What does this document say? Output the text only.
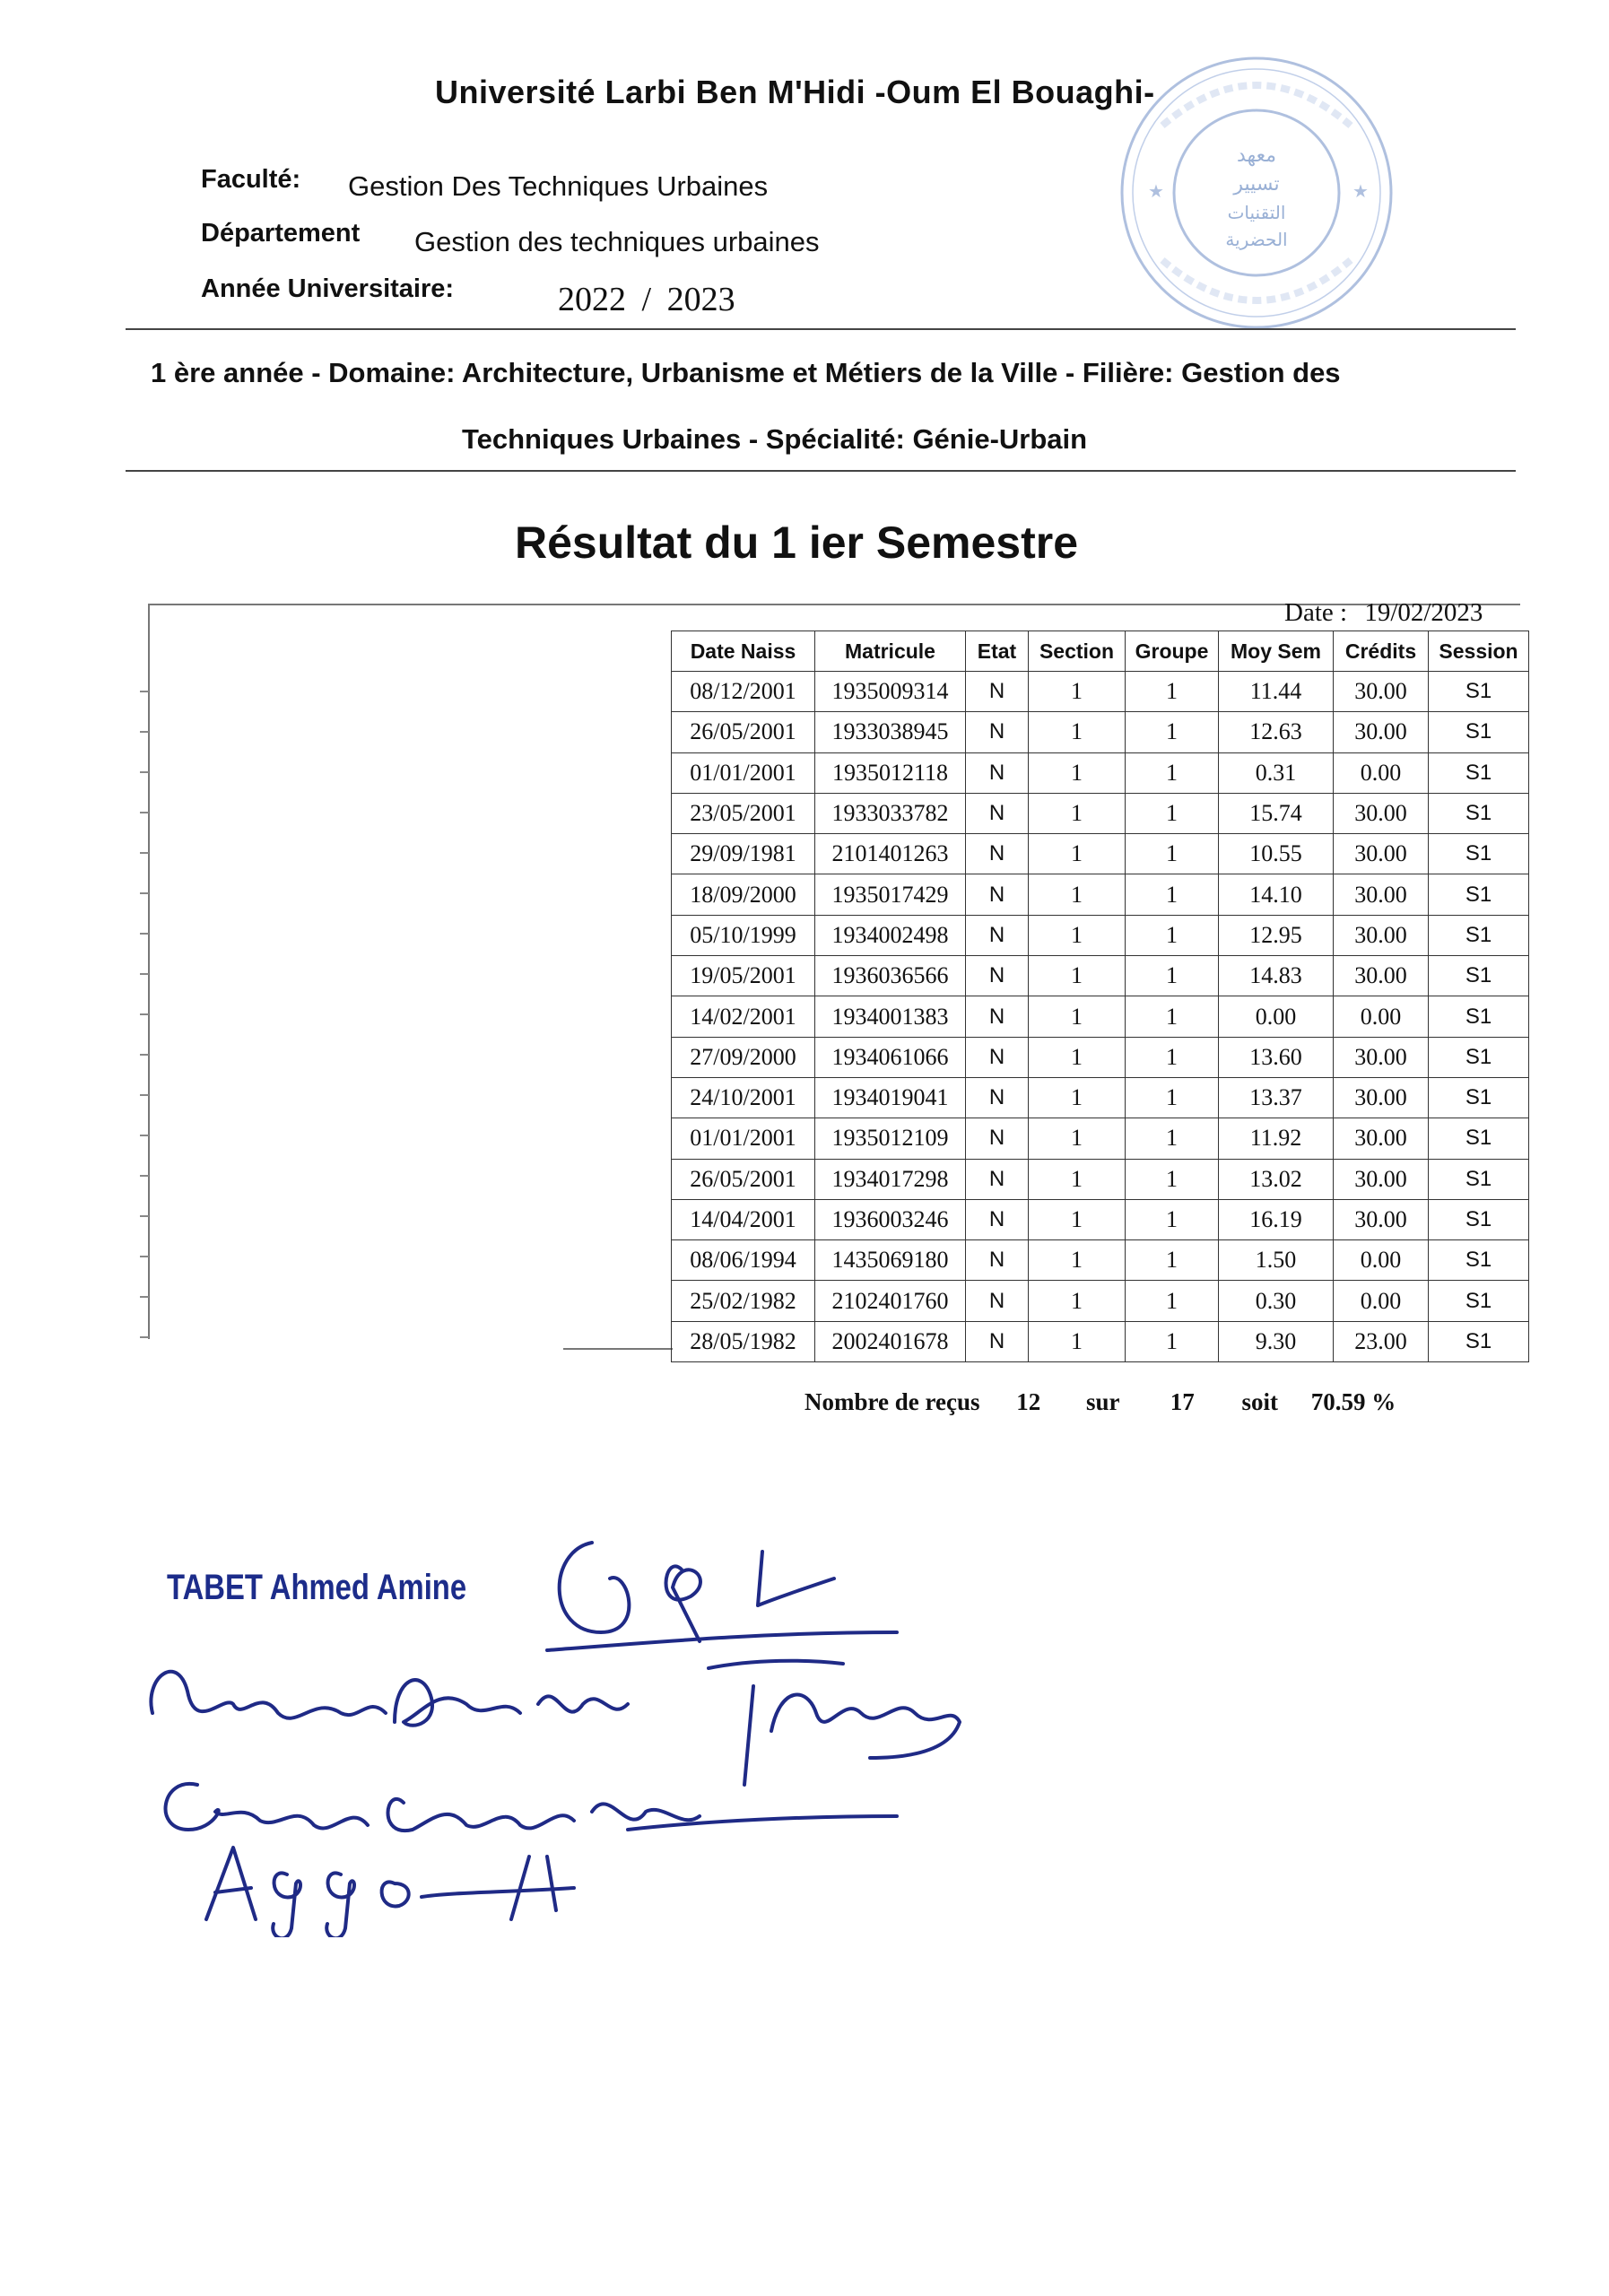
معهد
تسيير
التقنيات
الحضرية
★	★
Université Larbi Ben M'Hidi -Oum El Bouaghi-
Faculté: Gestion Des Techniques Urbaines
Département Gestion des techniques urbaines
Année Universitaire:	2022 / 2023
1 ère année - Domaine: Architecture, Urbanisme et Métiers de la Ville - Filière: Gestion des
Techniques Urbaines - Spécialité: Génie-Urbain
Résultat du 1 ier Semestre
Date : 19/02/2023
Date Naiss	Matricule	Etat	Section	Groupe	Moy Sem	Crédits	Session
08/12/2001	1935009314	N	1	1	11.44	30.00	S1
26/05/2001	1933038945	N	1	1	12.63	30.00	S1
01/01/2001	1935012118	N	1	1	0.31	0.00	S1
23/05/2001	1933033782	N	1	1	15.74	30.00	S1
29/09/1981	2101401263	N	1	1	10.55	30.00	S1
18/09/2000	1935017429	N	1	1	14.10	30.00	S1
05/10/1999	1934002498	N	1	1	12.95	30.00	S1
19/05/2001	1936036566	N	1	1	14.83	30.00	S1
14/02/2001	1934001383	N	1	1	0.00	0.00	S1
27/09/2000	1934061066	N	1	1	13.60	30.00	S1
24/10/2001	1934019041	N	1	1	13.37	30.00	S1
01/01/2001	1935012109	N	1	1	11.92	30.00	S1
26/05/2001	1934017298	N	1	1	13.02	30.00	S1
14/04/2001	1936003246	N	1	1	16.19	30.00	S1
08/06/1994	1435069180	N	1	1	1.50	0.00	S1
25/02/1982	2102401760	N	1	1	0.30	0.00	S1
28/05/1982	2002401678	N	1	1	9.30	23.00	S1
Nombre de reçus 12 sur 17 soit 70.59 %
TABET Ahmed Amine
